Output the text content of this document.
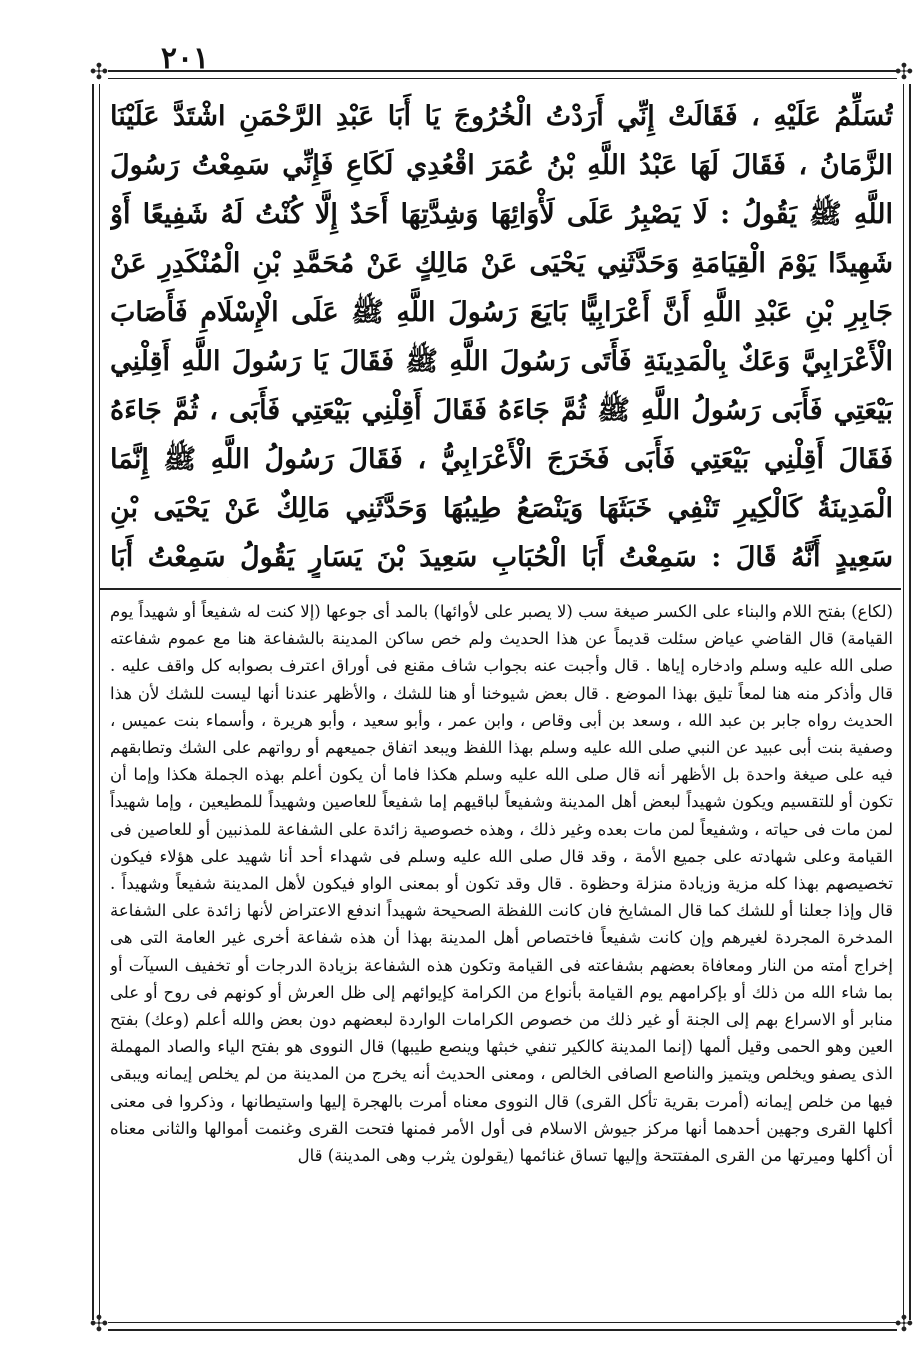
٢٠١
✣	✣
✣	✣

تُسَلِّمُ عَلَيْهِ ، فَقَالَتْ إِنِّي أَرَدْتُ الْخُرُوجَ يَا أَبَا عَبْدِ الرَّحْمَنِ اشْتَدَّ عَلَيْنَا الزَّمَانُ ، فَقَالَ لَهَا عَبْدُ اللَّهِ بْنُ عُمَرَ اقْعُدِي لَكَاعِ فَإِنِّي سَمِعْتُ رَسُولَ اللَّهِ ﷺ يَقُولُ : لَا يَصْبِرُ عَلَى لَأْوَائِهَا وَشِدَّتِهَا أَحَدٌ إِلَّا كُنْتُ لَهُ شَفِيعًا أَوْ شَهِيدًا يَوْمَ الْقِيَامَةِ وَحَدَّثَنِي يَحْيَى عَنْ مَالِكٍ عَنْ مُحَمَّدِ بْنِ الْمُنْكَدِرِ عَنْ جَابِرِ بْنِ عَبْدِ اللَّهِ أَنَّ أَعْرَابِيًّا بَايَعَ رَسُولَ اللَّهِ ﷺ عَلَى الْإِسْلَامِ فَأَصَابَ الْأَعْرَابِيَّ وَعَكٌ بِالْمَدِينَةِ فَأَتَى رَسُولَ اللَّهِ ﷺ فَقَالَ يَا رَسُولَ اللَّهِ أَقِلْنِي بَيْعَتِي فَأَبَى رَسُولُ اللَّهِ ﷺ ثُمَّ جَاءَهُ فَقَالَ أَقِلْنِي بَيْعَتِي فَأَبَى ، ثُمَّ جَاءَهُ فَقَالَ أَقِلْنِي بَيْعَتِي فَأَبَى فَخَرَجَ الْأَعْرَابِيُّ ، فَقَالَ رَسُولُ اللَّهِ ﷺ إِنَّمَا الْمَدِينَةُ كَالْكِيرِ تَنْفِي خَبَثَهَا وَيَنْصَعُ طِيبُهَا وَحَدَّثَنِي مَالِكٌ عَنْ يَحْيَى بْنِ سَعِيدٍ أَنَّهُ قَالَ : سَمِعْتُ أَبَا الْحُبَابِ سَعِيدَ بْنَ يَسَارٍ يَقُولُ سَمِعْتُ أَبَا

(لكاع) بفتح اللام والبناء على الكسر صيغة سب (لا يصبر على لأوائها) بالمد أى جوعها (إلا كنت له شفيعاً أو شهيداً يوم القيامة) قال القاضي عياض سئلت قديماً عن هذا الحديث ولم خص ساكن المدينة بالشفاعة هنا مع عموم شفاعته صلى الله عليه وسلم وادخاره إياها . قال وأجبت عنه بجواب شاف مقنع فى أوراق اعترف بصوابه كل واقف عليه . قال وأذكر منه هنا لمعاً تليق بهذا الموضع . قال بعض شيوخنا أو هنا للشك ، والأظهر عندنا أنها ليست للشك لأن هذا الحديث رواه جابر بن عبد الله ، وسعد بن أبى وقاص ، وابن عمر ، وأبو سعيد ، وأبو هريرة ، وأسماء بنت عميس ، وصفية بنت أبى عبيد عن النبي صلى الله عليه وسلم بهذا اللفظ ويبعد اتفاق جميعهم أو رواتهم على الشك وتطابقهم فيه على صيغة واحدة بل الأظهر أنه قال صلى الله عليه وسلم هكذا فاما أن يكون أعلم بهذه الجملة هكذا وإما أن تكون أو للتقسيم ويكون شهيداً لبعض أهل المدينة وشفيعاً لباقيهم إما شفيعاً للعاصين وشهيداً للمطيعين ، وإما شهيداً لمن مات فى حياته ، وشفيعاً لمن مات بعده وغير ذلك ، وهذه خصوصية زائدة على الشفاعة للمذنبين أو للعاصين فى القيامة وعلى شهادته على جميع الأمة ، وقد قال صلى الله عليه وسلم فى شهداء أحد أنا شهيد على هؤلاء فيكون تخصيصهم بهذا كله مزية وزيادة منزلة وحظوة . قال وقد تكون أو بمعنى الواو فيكون لأهل المدينة شفيعاً وشهيداً . قال وإذا جعلنا أو للشك كما قال المشايخ فان كانت اللفظة الصحيحة شهيداً اندفع الاعتراض لأنها زائدة على الشفاعة المدخرة المجردة لغيرهم وإن كانت شفيعاً فاختصاص أهل المدينة بهذا أن هذه شفاعة أخرى غير العامة التى هى إخراج أمته من النار ومعافاة بعضهم بشفاعته فى القيامة وتكون هذه الشفاعة بزيادة الدرجات أو تخفيف السيآت أو بما شاء الله من ذلك أو بإكرامهم يوم القيامة بأنواع من الكرامة كإيوائهم إلى ظل العرش أو كونهم فى روح أو على منابر أو الاسراع بهم إلى الجنة أو غير ذلك من خصوص الكرامات الواردة لبعضهم دون بعض والله أعلم (وعك) بفتح العين وهو الحمى وقيل ألمها (إنما المدينة كالكير تنفي خبثها وينصع طيبها) قال النووى هو بفتح الياء والصاد المهملة الذى يصفو ويخلص ويتميز والناصع الصافى الخالص ، ومعنى الحديث أنه يخرج من المدينة من لم يخلص إيمانه ويبقى فيها من خلص إيمانه (أمرت بقرية تأكل القرى) قال النووى معناه أمرت بالهجرة إليها واستيطانها ، وذكروا فى معنى أكلها القرى وجهين أحدهما أنها مركز جيوش الاسلام فى أول الأمر فمنها فتحت القرى وغنمت أموالها والثانى معناه أن أكلها وميرتها من القرى المفتتحة وإليها تساق غنائمها (يقولون يثرب وهى المدينة) قال
